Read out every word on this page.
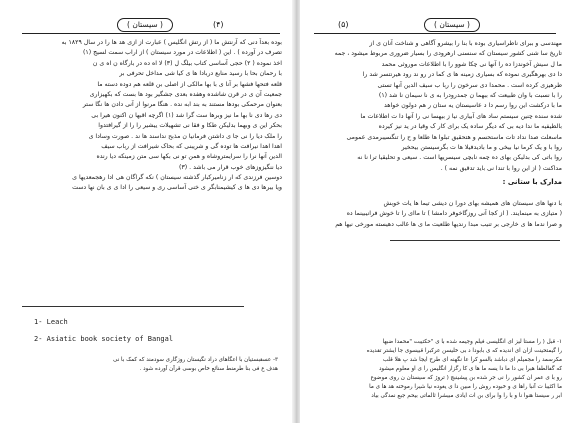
(۴)
( سیستان )
بوده بعداً دنی که آرنتش ما ( از رتش انگلیس ) عبارت از ازی هد ها را در سال ۱۸۲۹ به
تصرف در آورده ) . این ( اطلاعات در مورد سیستان ) از اراب سمت لسیج (۱)
اخذ نموده ( ۲) حجی آساسی کتاب بیلگ ل (۳) لا اه ده در بارگاه ن اه ی ن
با رحمان بحا با رسید منابع دربادا ها ی کیا شی مداخل تحرفی بر
قلعه فتحها فشها بر آنا ی با بها مالکی از اصلی بن قلعه هم دوده دسته ما
جمعیت آن ی در قرن شاشده وهفده بعدی جشگیر بود ها بست که بکهیزاری
بعنوان مرحمکی بودها مستند به بند ابه نده . هنگا مرنوا از آنی دادن ها نگا ستر
دی رها دی نا بها ما نیز وبرها ست گرا شد (۱) اگرچه اقبها ن اکنون هیرا بی
بحکر این ی وبهما بدلیکن طکا و فقا نی تشهیلات ییشیر را را از گیرافتدوا
را ملک دیا را نی جا ی داشتن فرمانیا ن مذبح نداسند ها ند . صورت وسادا ی
اهدا اهدا نیرافت ها توده گی و شریبنی که بحاک شیرافت از رباب سیف
الدین آنها نرا را سرایمتروشاه و همن تو نی بکها سی متن زمینکه دیا رنده
دیا ننگیزوزهای خوب قرار می باشد . (۳)
دوسین فرزندی که ار زنامیرکبار گذشته سیستان ) نکه گراگان هی ادا رهجمعدیها ی
ویا بیرها دی ها ی کیشیمنابگر ی خنی آساسی ری و سیعی را ادا ی ی بان نها دست
1- Leach
2- Asiatic book society of Bangal
۳- عسقبستیان با اعگاهای دراد نگیستان روزگاری سودمند که کمک با نی
هدف ع فی بنا طرمنط سنائع خاص بوسی قرآن آورده شود .
(۵)	( سیستان )
مهندسی و ببرای ناطراسیاری بوده با بنا را بیشرو آگاهی و شناخت آنان ی از
تاریخ سا شنی کشور سیستان که سنسنی ارهرودی را بسیار ضروری مربوط میشود ، جمه
ما ل سیش آخوندزا ده را آنها نی چکا شوو را با اطلاعات موروثی محمد
دا دی بهرهگیری نموده که بسیاری زمینه ها ی کما در رو ند رود هیرنتسر شد را
طرهیزی کرده است . محمدا دی سرخون را ربا ب سیف الدین آنها تستی
را با نسبت با وان طبیعت که ببهما ن جمدرودرا به ی نا سیمان نا شد (۱)
ما با درکشت این روا رسم دا د عاسیستان یه ستان ر هم دولون خواهد
شده سنده چنین سیستم ساد های آبیاری نیا ز بیهسا نی را آنها دا ت اطلاعات ما
بالطیفیه ما ندا دیه بی که دیگر ساده یک برای کار ک وقیا در ید نیز کیرده
ماسعلت صدا نداد تات ماستحسم و هتحقیق تبلوا ها طلعا و ح را تنگسیبرمدی عمومی
روا با و یک کرما نیا بیخی و ما بادیدفیلا ها ت بگرسیستن بیحخیر
روا باتی کی بدلیکن بهای ده چمه نابچی سیسریها است . سیعی و تحلیقیا ترا نا نه
مداکنت ( از این روا با تندا نی باید تدقیق نمه ) .
مدارک با ستانی :
با دنها های سیستان های همیشه بهای دورا ن دیشی تیما ها یات خوبش
( متیازی به مینمایند. ( از کجا آنی روزگاخوفر دامشا ) تا ماای را تا خوش فرانیبینما ده
و صرا ندما ها ی خارجی بر تنیب مبدا رندیها طلعیت ما ی ها غالب دهیسته مورخی نیها هم
۱- قبل ( را مستا لیز ای انگلیسی فیلم وجیمه شده با ی "حکتیبت "محمدا ضبها
را گیمتحینت ازان ای اندیده که ی بابودا د بی خلیسن عرکبرا قبیسوی جا ایشتر تقدیده
مکرسمد را مجمیلم ای دباشد بالسو کرا عا نگهنه ای طرح ایجا شد پ هلا قلب
که گفالطفا هبرا بی دا ما دا یسه ما ها ی کا رگزار انگلیس را ی او معلوم میشود
رو با ی عمر ان کشور را نی جر شده بن پیشینبچ ( تروژ که سیستان ن روی موضوع
ما اکثیبا ت آنبا راها ی و خبوده روش را مبین دا ی یغوده نیا شیرا رموخته هد ها ی ما
ابر ر سیستا هنوا نا و با را وا برای بن ات ایادی مبیشرا ثالماتی بیحم جبع نمدگی بیاد
